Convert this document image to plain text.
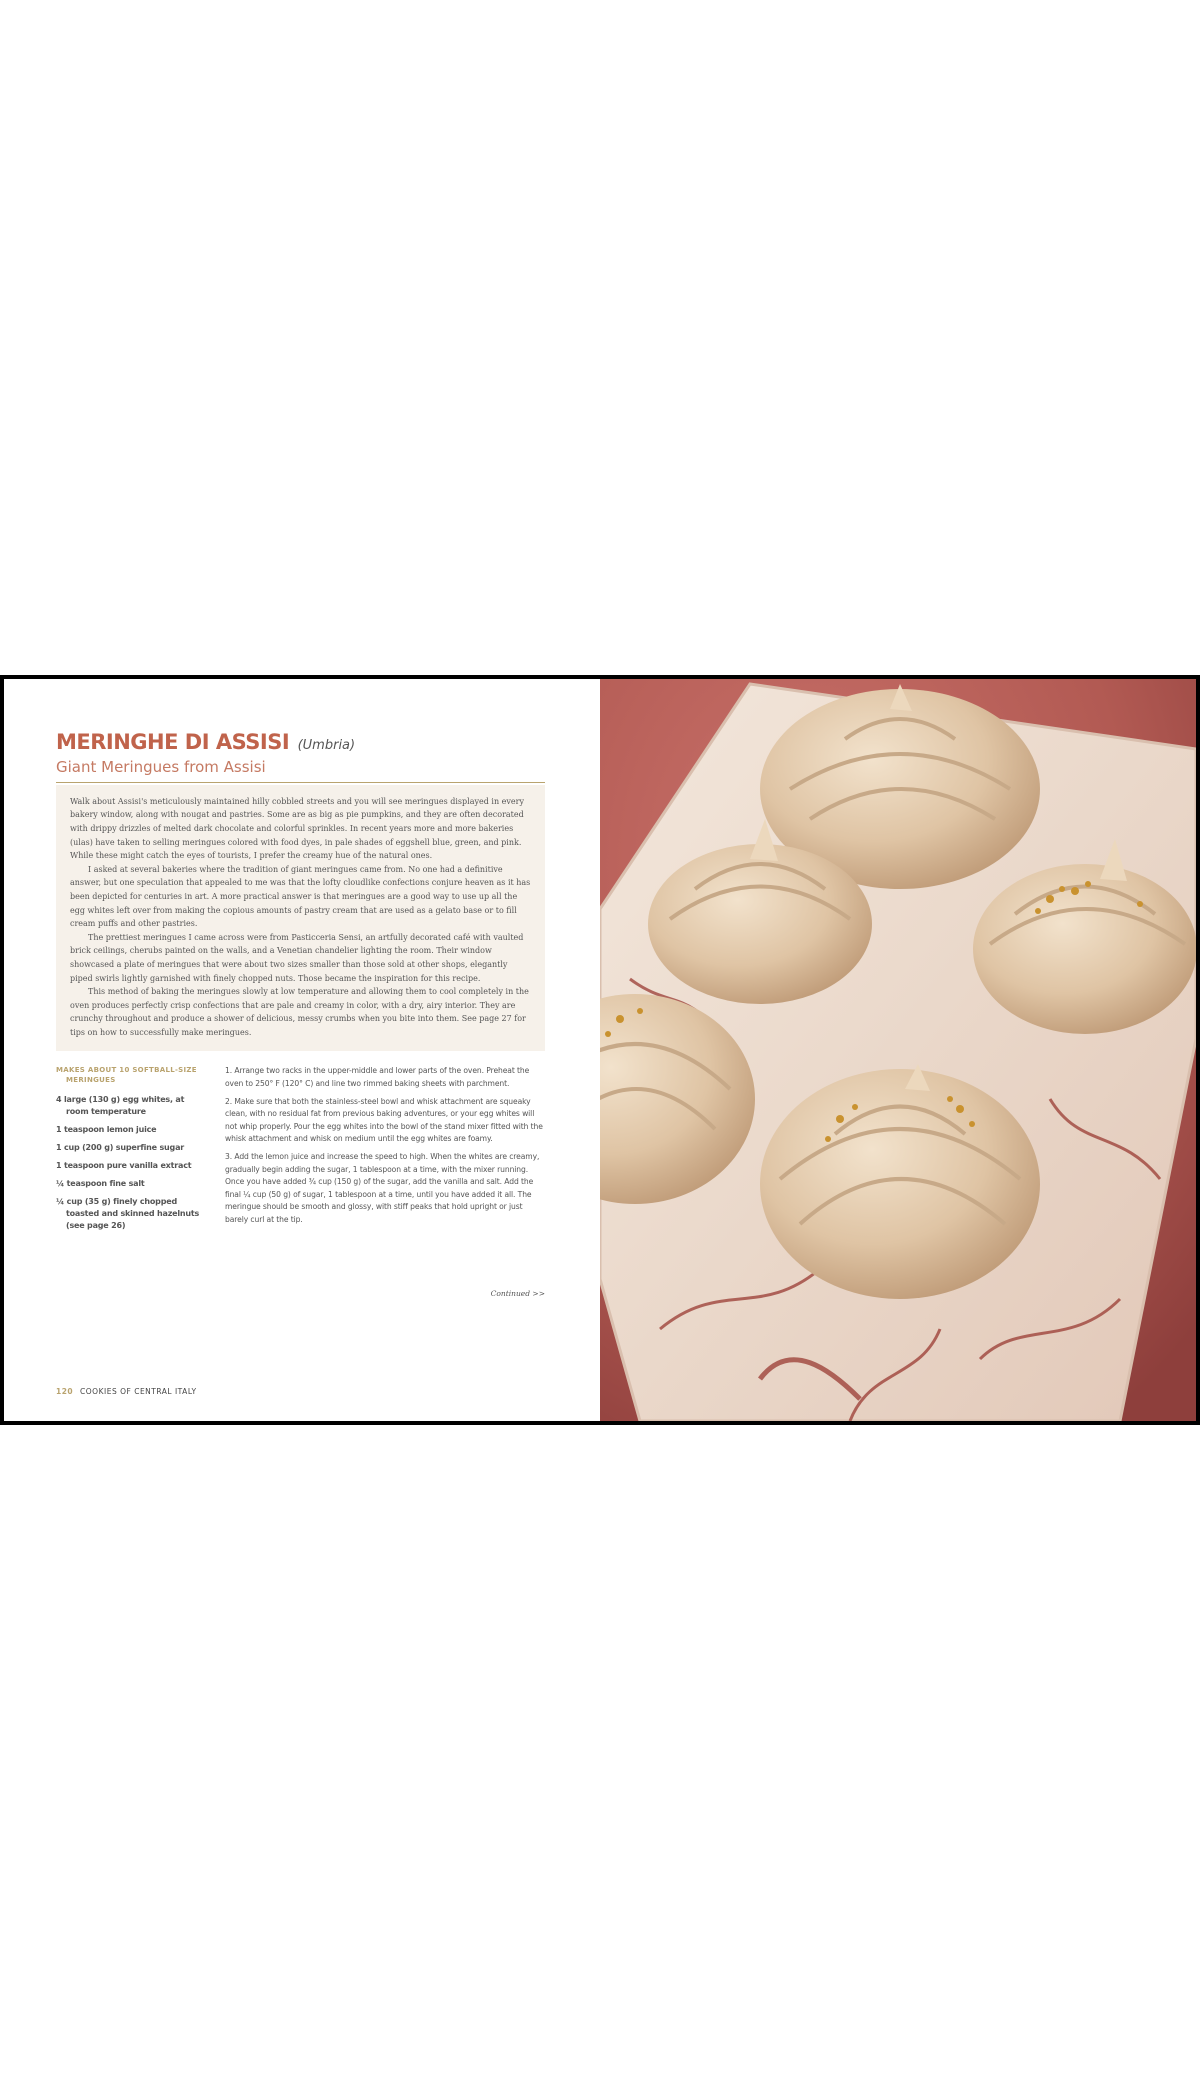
MERINGHE DI ASSISI (Umbria)
Giant Meringues from Assisi

Walk about Assisi's meticulously maintained hilly cobbled streets and you will see meringues displayed in every bakery window, along with nougat and pastries. Some are as big as pie pumpkins, and they are often decorated with drippy drizzles of melted dark chocolate and colorful sprinkles. In recent years more and more bakeries (ulas) have taken to selling meringues colored with food dyes, in pale shades of eggshell blue, green, and pink. While these might catch the eyes of tourists, I prefer the creamy hue of the natural ones.

I asked at several bakeries where the tradition of giant meringues came from. No one had a definitive answer, but one speculation that appealed to me was that the lofty cloudlike confections conjure heaven as it has been depicted for centuries in art. A more practical answer is that meringues are a good way to use up all the egg whites left over from making the copious amounts of pastry cream that are used as a gelato base or to fill cream puffs and other pastries.

The prettiest meringues I came across were from Pasticceria Sensi, an artfully decorated café with vaulted brick ceilings, cherubs painted on the walls, and a Venetian chandelier lighting the room. Their window showcased a plate of meringues that were about two sizes smaller than those sold at other shops, elegantly piped swirls lightly garnished with finely chopped nuts. Those became the inspiration for this recipe.

This method of baking the meringues slowly at low temperature and allowing them to cool completely in the oven produces perfectly crisp confections that are pale and creamy in color, with a dry, airy interior. They are crunchy throughout and produce a shower of delicious, messy crumbs when you bite into them. See page 27 for tips on how to successfully make meringues.

MAKES ABOUT 10 SOFTBALL-SIZE MERINGUES
4 large (130 g) egg whites, at room temperature
1 teaspoon lemon juice
1 cup (200 g) superfine sugar
1 teaspoon pure vanilla extract
¼ teaspoon fine salt
¼ cup (35 g) finely chopped toasted and skinned hazelnuts (see page 26)

1. Arrange two racks in the upper-middle and lower parts of the oven. Preheat the oven to 250° F (120° C) and line two rimmed baking sheets with parchment.

2. Make sure that both the stainless-steel bowl and whisk attachment are squeaky clean, with no residual fat from previous baking adventures, or your egg whites will not whip properly. Pour the egg whites into the bowl of the stand mixer fitted with the whisk attachment and whisk on medium until the egg whites are foamy.

3. Add the lemon juice and increase the speed to high. When the whites are creamy, gradually begin adding the sugar, 1 tablespoon at a time, with the mixer running. Once you have added ¾ cup (150 g) of the sugar, add the vanilla and salt. Add the final ¼ cup (50 g) of sugar, 1 tablespoon at a time, until you have added it all. The meringue should be smooth and glossy, with stiff peaks that hold upright or just barely curl at the tip.

Continued >>
120 COOKIES OF CENTRAL ITALY
